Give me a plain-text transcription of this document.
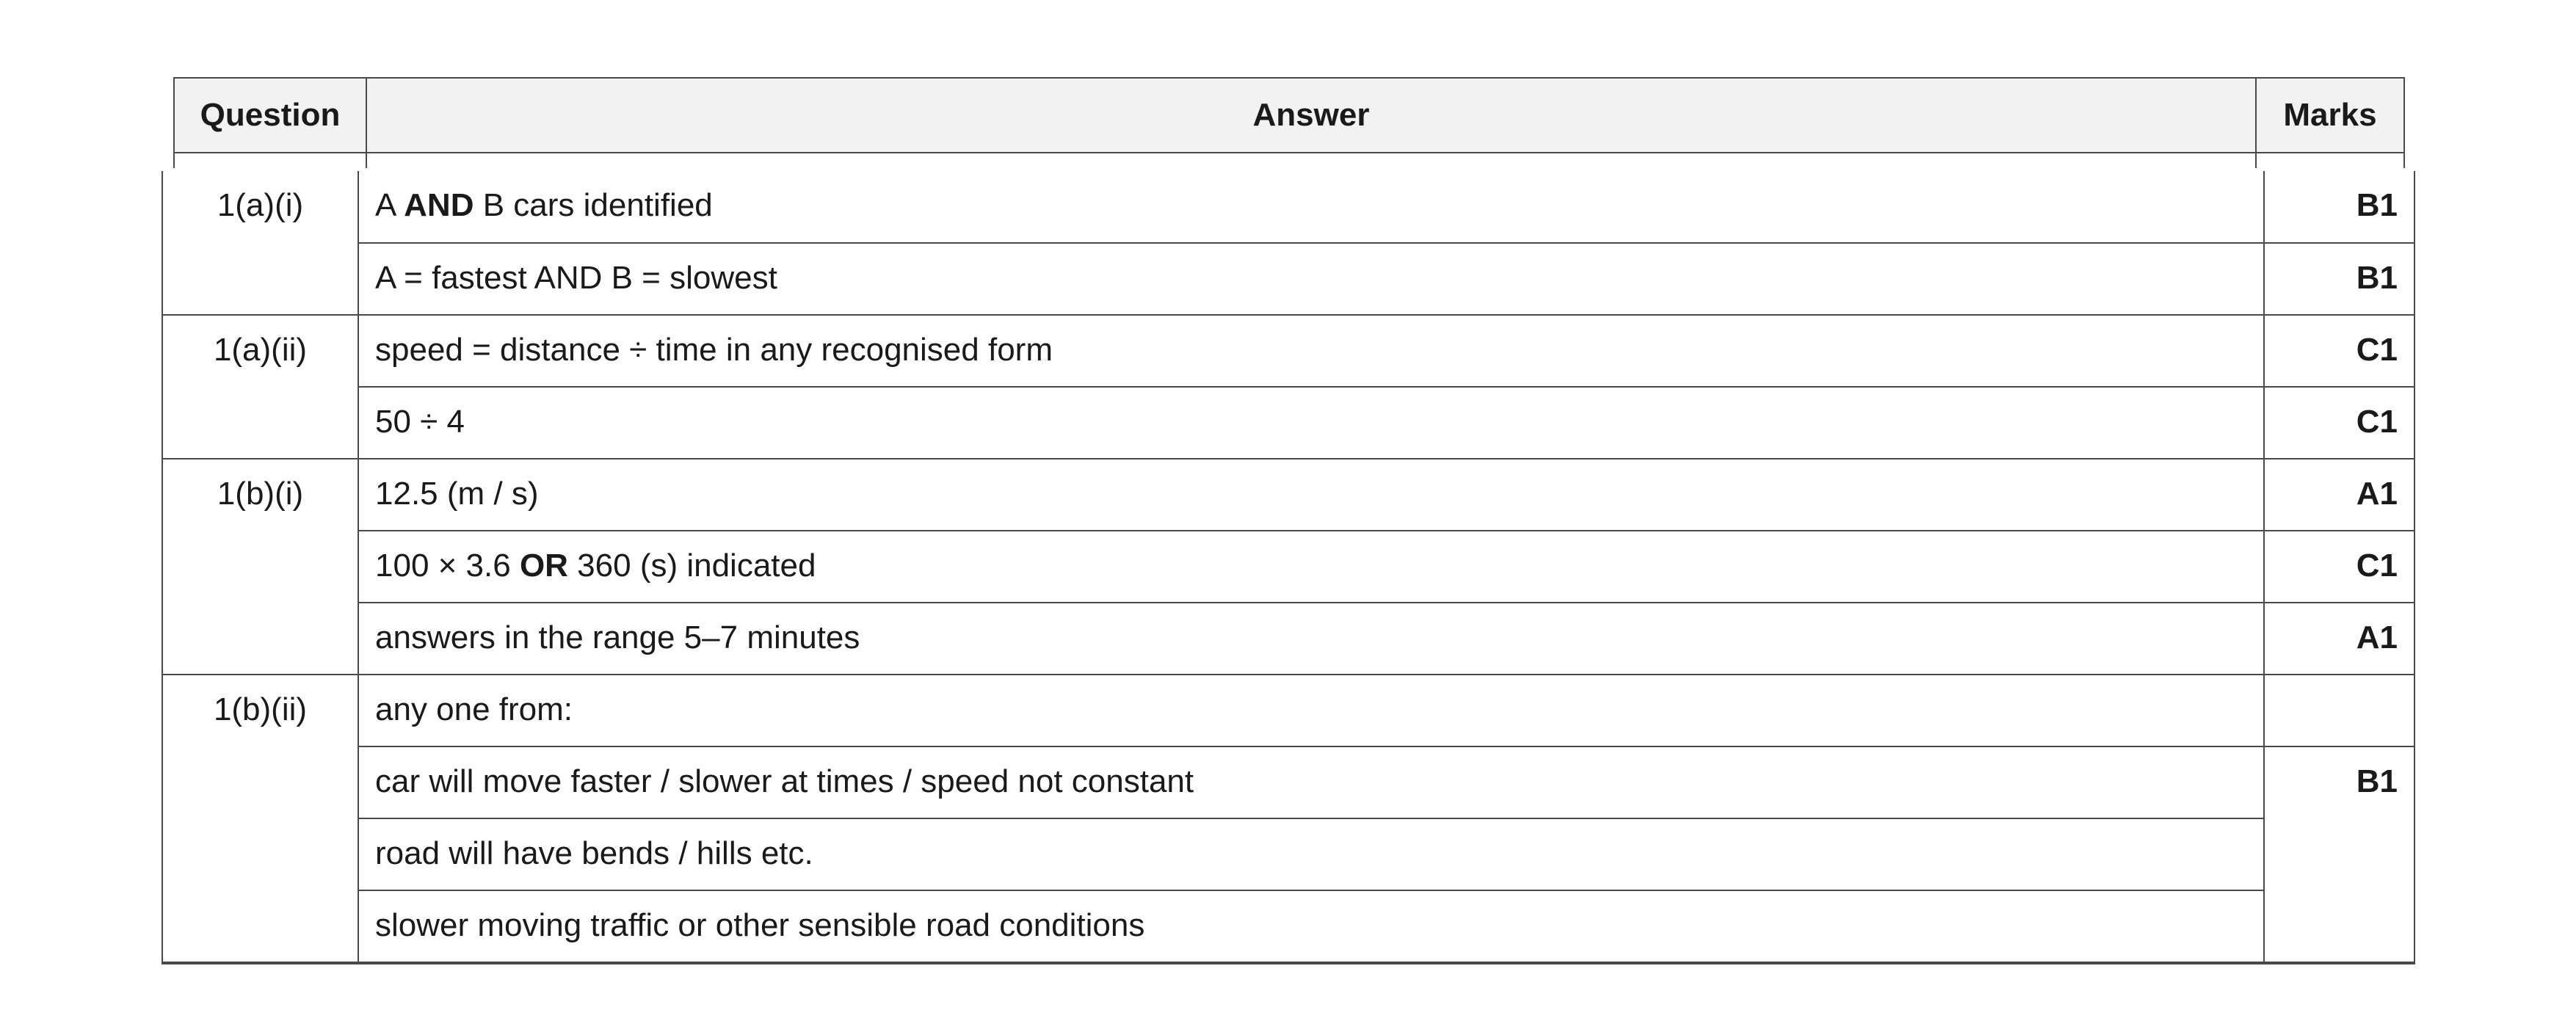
Question	Answer	Marks
1(a)(i)	A AND B cars identified	B1
	A = fastest AND B = slowest	B1
1(a)(ii)	speed = distance ÷ time in any recognised form	C1
	50 ÷ 4	C1
1(b)(i)	12.5 (m / s)	A1
	100 × 3.6 OR 360 (s) indicated	C1
	answers in the range 5–7 minutes	A1
1(b)(ii)	any one from:	
	car will move faster / slower at times / speed not constant	B1
	road will have bends / hills etc.	
	slower moving traffic or other sensible road conditions	
